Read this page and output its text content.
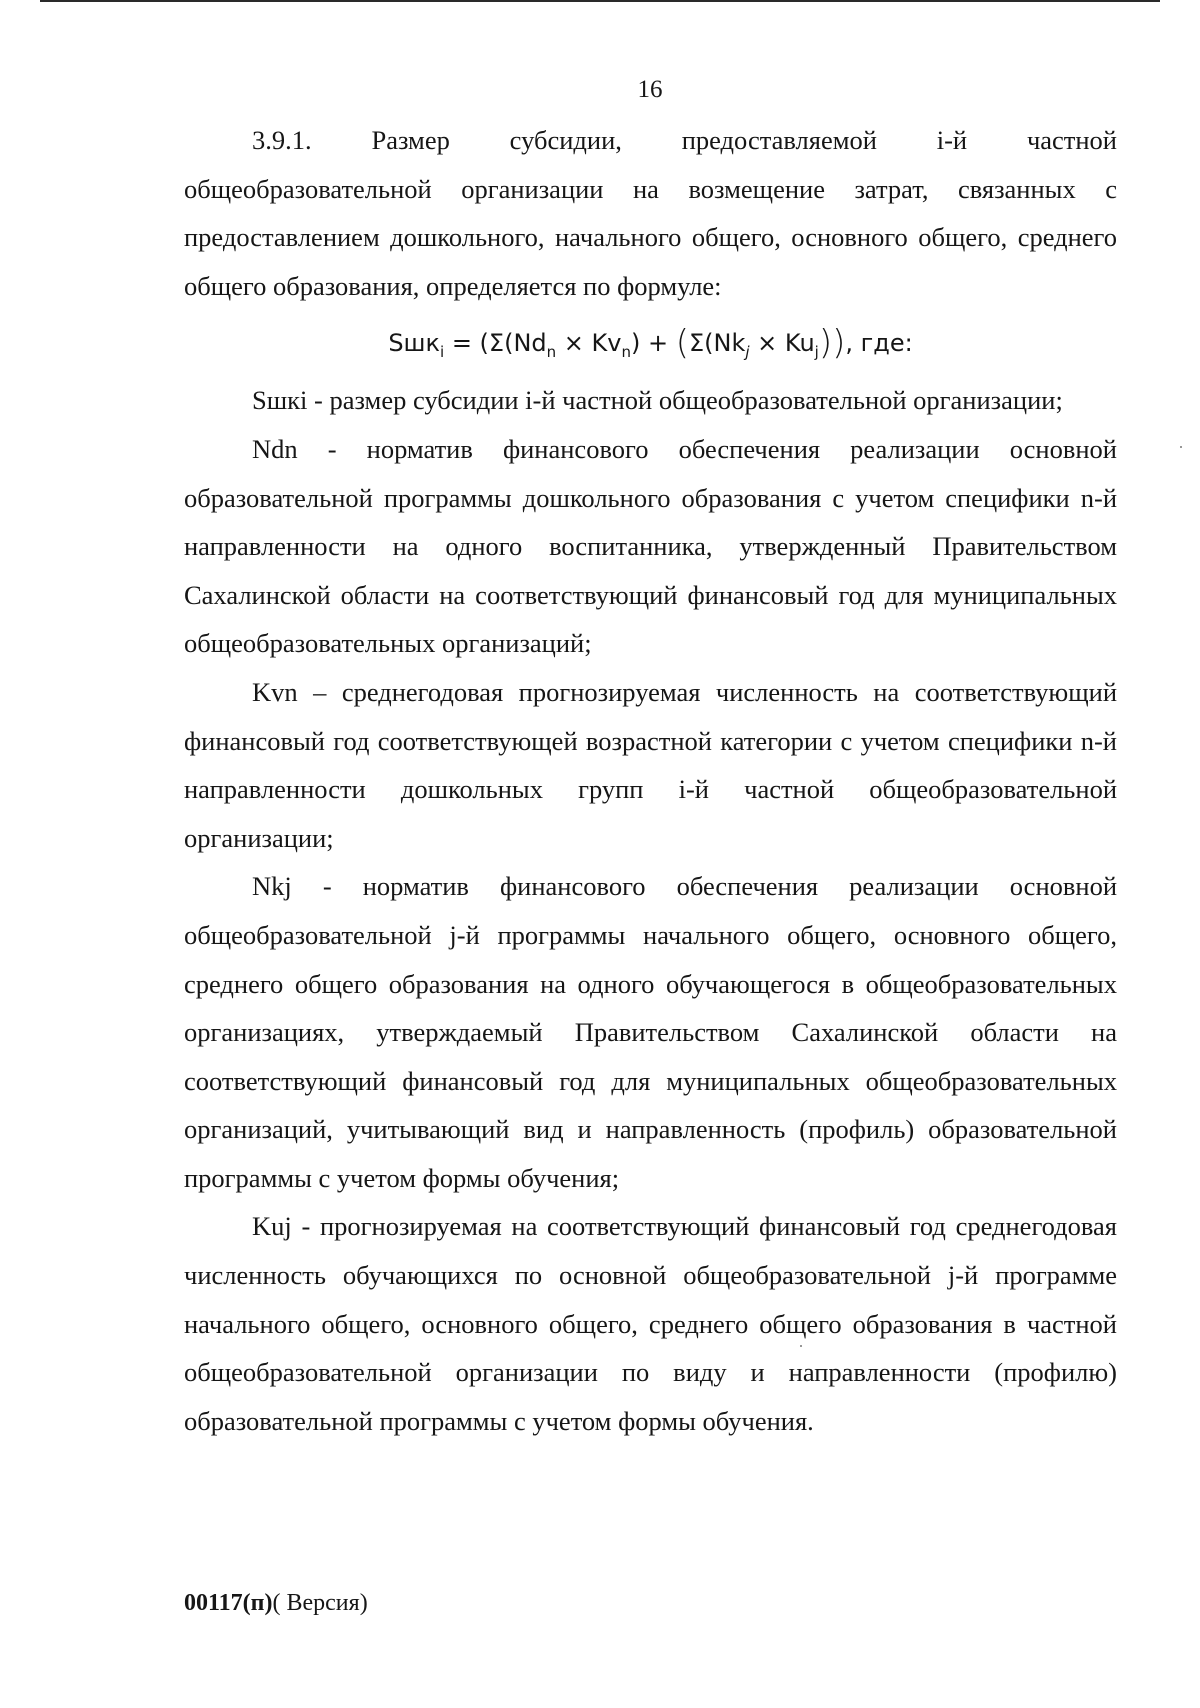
16

3.9.1. Размер субсидии, предоставляемой i-й частной

общеобразовательной организации на возмещение затрат, связанных с предоставлением дошкольного, начального общего, основного общего, среднего общего образования, определяется по формуле:

$Sшк_i = (\Sigma(Nd_n \times Kv_n) + (\Sigma(Nk_j \times Ku_j))$, где:

Sшкi - размер субсидии i-й частной общеобразовательной организации;

Ndn - норматив финансового обеспечения реализации основной образовательной программы дошкольного образования с учетом специфики n-й направленности на одного воспитанника, утвержденный Правительством Сахалинской области на соответствующий финансовый год для муниципальных общеобразовательных организаций;

Kvn – среднегодовая прогнозируемая численность на соответствующий финансовый год соответствующей возрастной категории с учетом специфики n-й направленности дошкольных групп i-й частной общеобразовательной организации;

Nkj - норматив финансового обеспечения реализации основной общеобразовательной j-й программы начального общего, основного общего, среднего общего образования на одного обучающегося в общеобразовательных организациях, утверждаемый Правительством Сахалинской области на соответствующий финансовый год для муниципальных общеобразовательных организаций, учитывающий вид и направленность (профиль) образовательной программы с учетом формы обучения;

Kuj - прогнозируемая на соответствующий финансовый год среднегодовая численность обучающихся по основной общеобразовательной j-й программе начального общего, основного общего, среднего общего образования в частной общеобразовательной организации по виду и направленности (профилю) образовательной программы с учетом формы обучения.

00117(п)( Версия)
